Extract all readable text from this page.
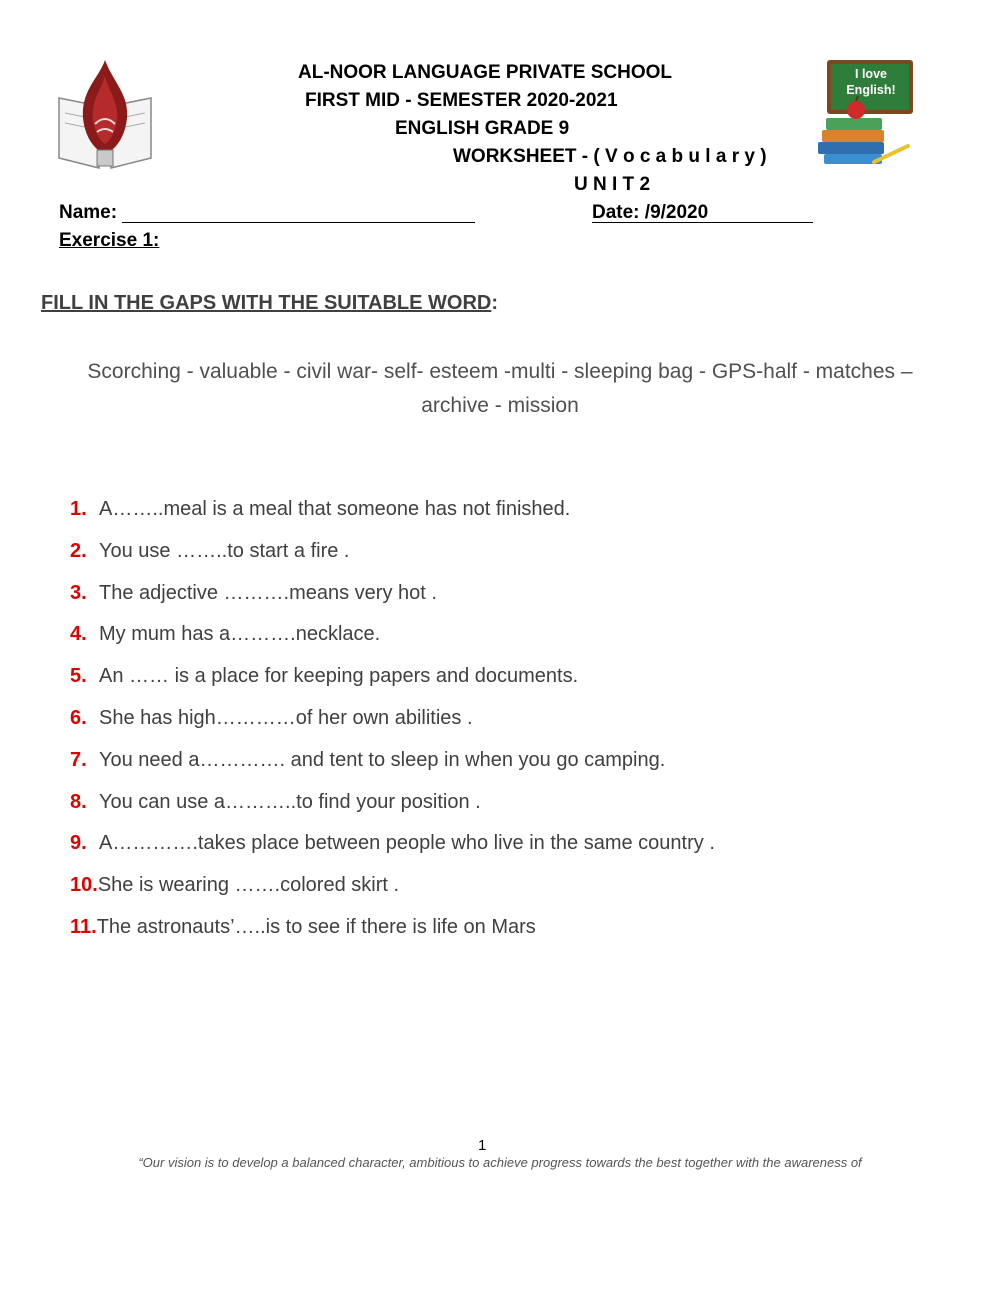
AL-NOOR LANGUAGE PRIVATE SCHOOL
FIRST MID - SEMESTER 2020-2021
ENGLISH GRADE 9
WORKSHEET - ( V o c a b u l a r y )
U N I T 2
I love English!
Name:	Date: /9/2020
Exercise 1:
FILL IN THE GAPS WITH THE SUITABLE WORD:
Scorching - valuable - civil war- self- esteem -multi - sleeping bag - GPS-half - matches –
archive - mission
1. A……..meal is a meal that someone has not finished.
2. You use ……..to start a fire .
3. The adjective ……….means very hot .
4. My mum has a……….necklace.
5. An …… is a place for keeping papers and documents.
6. She has high…………of her own abilities .
7. You need a…………. and tent to sleep in when you go camping.
8. You can use a………..to find your position .
9. A………….takes place between people who live in the same country .
10.She is wearing …….colored skirt .
11.The astronauts’…..is to see if there is life on Mars
1
“Our vision is to develop a balanced character, ambitious to achieve progress towards the best together with the awareness of
